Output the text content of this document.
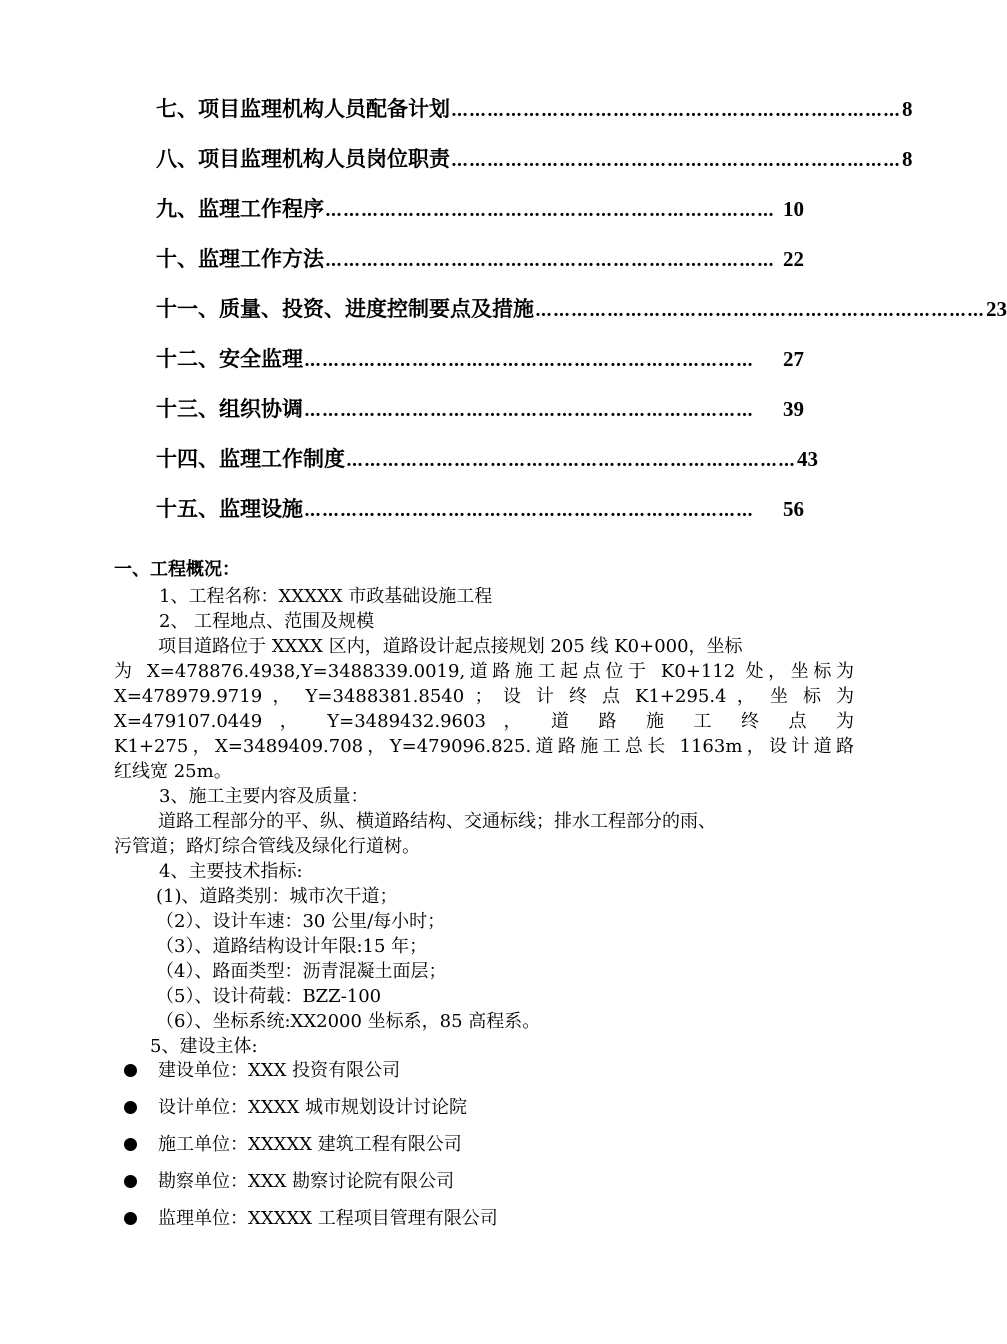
七、项目监理机构人员配备计划 ………………………………………………………………… 8
八、项目监理机构人员岗位职责 ………………………………………………………………… 8
九、监理工作程序 ………………………………………………………………… 10
十、监理工作方法 ………………………………………………………………… 22
十一、质量、投资、进度控制要点及措施 ………………………………………………………………… 23
十二、安全监理 …………………………………………………………………	27
十三、组织协调 …………………………………………………………………	39
十四、监理工作制度 ………………………………………………………………… 43
十五、监理设施 …………………………………………………………………	56
一、工程概况：
1、工程名称：XXXXX 市政基础设施工程
2、 工程地点、范围及规模
项目道路位于 XXXX 区内，道路设计起点接规划 205 线 K0+000，坐标
为 X=478876.4938,Y=3488339.0019,道路施工起点位于 K0+112 处，坐标为
X=478979.9719 ， Y=3488381.8540 ； 设 计 终 点 K1+295.4 ， 坐 标 为
X=479107.0449 ， Y=3489432.9603 ， 道 路 施 工 终 点 为
K1+275，X=3489409.708，Y=479096.825.道路施工总长 1163m，设计道路
红线宽 25m。
3、施工主要内容及质量：
道路工程部分的平、纵、横道路结构、交通标线；排水工程部分的雨、
污管道；路灯综合管线及绿化行道树。
4、主要技术指标:
(1)、道路类别：城市次干道；
（2）、设计车速：30 公里/每小时；
（3）、道路结构设计年限:15 年；
（4）、路面类型：沥青混凝土面层；
（5）、设计荷载：BZZ-100
（6）、坐标系统:XX2000 坐标系，85 高程系。
5、建设主体:
建设单位：XXX 投资有限公司
设计单位：XXXX 城市规划设计讨论院
施工单位：XXXXX 建筑工程有限公司
勘察单位：XXX 勘察讨论院有限公司
监理单位：XXXXX 工程项目管理有限公司
